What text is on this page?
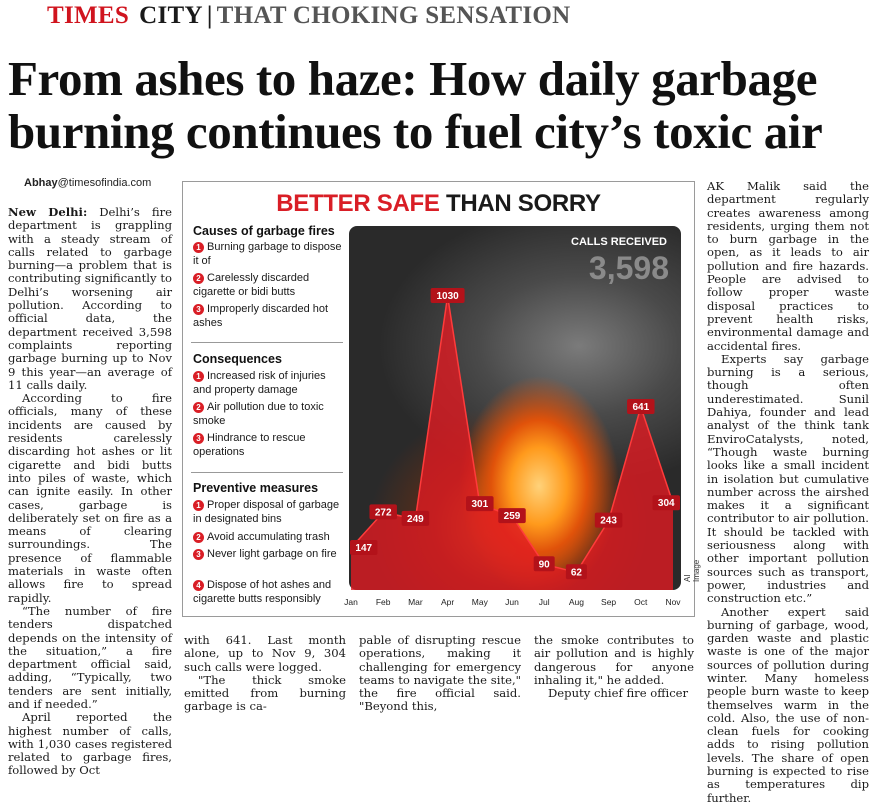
TIMES CITY | THAT CHOKING SENSATION
From ashes to haze: How daily garbage burning continues to fuel city’s toxic air
Abhay@timesofindia.com

New Delhi: Delhi’s fire department is grappling with a steady stream of calls related to garbage burning—a problem that is contributing significantly to Delhi’s worsening air pollution. According to official data, the department received 3,598 complaints reporting garbage burning up to Nov 9 this year—an average of 11 calls daily.

According to fire officials, many of these incidents are caused by residents carelessly discarding hot ashes or lit cigarette and bidi butts into piles of waste, which can ignite easily. In other cases, garbage is deliberately set on fire as a means of clearing surroundings. The presence of flammable materials in waste often allows fire to spread rapidly.

“The number of fire tenders dispatched depends on the intensity of the situation,” a fire department official said, adding, “Typically, two tenders are sent initially, and if needed.”

April reported the highest number of calls, with 1,030 cases registered related to garbage fires, followed by Oct

BETTER SAFE THAN SORRY
Causes of garbage fires
1 Burning garbage to dispose it of
2 Carelessly discarded cigarette or bidi butts
3 Improperly discarded hot ashes
Consequences
1 Increased risk of injuries and property damage
2 Air pollution due to toxic smoke
3 Hindrance to rescue operations
Preventive measures
1 Proper disposal of garbage in designated bins
2 Avoid accumulating trash
3 Never light garbage on fire
4 Dispose of hot ashes and cigarette butts responsibly
147
272
249
1030
301
259
90
62
243
641
304
CALLS RECEIVED
3,598
Jan Feb Mar Apr May Jun Jul Aug Sep Oct Nov
AI Image

with 641. Last month alone, up to Nov 9, 304 such calls were logged.

"The thick smoke emitted from burning garbage is ca-

pable of disrupting rescue operations, making it challenging for emergency teams to navigate the site," the fire official said. "Beyond this,

the smoke contributes to air pollution and is highly dangerous for anyone inhaling it," he added.

Deputy chief fire officer

AK Malik said the department regularly creates awareness among residents, urging them not to burn garbage in the open, as it leads to air pollution and fire hazards. People are advised to follow proper waste disposal practices to prevent health risks, environmental damage and accidental fires.

Experts say garbage burning is a serious, though often underestimated. Sunil Dahiya, founder and lead analyst of the think tank EnviroCatalysts, noted, “Though waste burning looks like a small incident in isolation but cumulative number across the airshed makes it a significant contributor to air pollution. It should be tackled with seriousness along with other important pollution sources such as transport, power, industries and construction etc.”

Another expert said burning of garbage, wood, garden waste and plastic waste is one of the major sources of pollution during winter. Many homeless people burn waste to keep themselves warm in the cold. Also, the use of non-clean fuels for cooking adds to rising pollution levels. The share of open burning is expected to rise as temperatures dip further.
